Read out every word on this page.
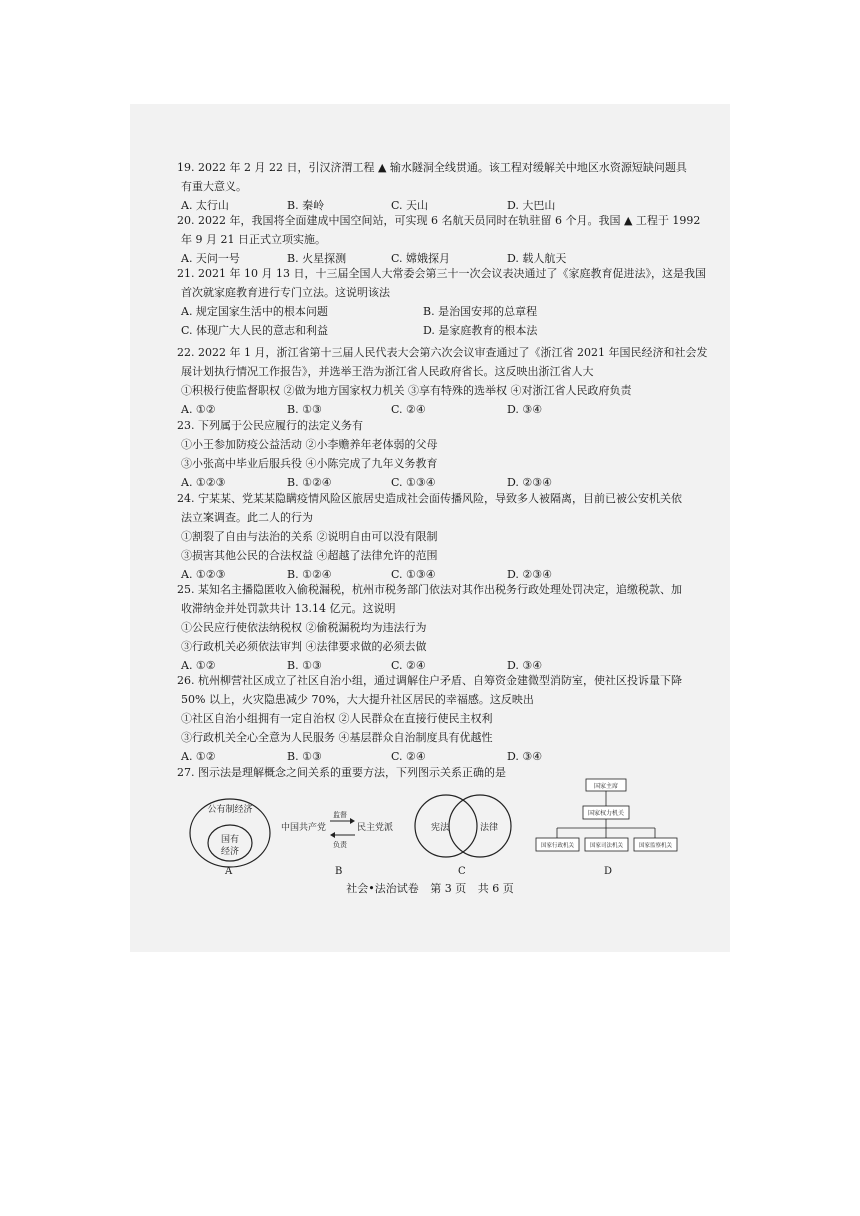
19. 2022 年 2 月 22 日，引汉济渭工程 ▲ 输水隧洞全线贯通。该工程对缓解关中地区水资源短缺问题具
有重大意义。
A. 太行山	B. 秦岭	C. 天山	D. 大巴山
20. 2022 年，我国将全面建成中国空间站，可实现 6 名航天员同时在轨驻留 6 个月。我国 ▲ 工程于 1992
年 9 月 21 日正式立项实施。
A. 天问一号	B. 火星探测	C. 嫦娥探月	D. 载人航天
21. 2021 年 10 月 13 日，十三届全国人大常委会第三十一次会议表决通过了《家庭教育促进法》，这是我国
首次就家庭教育进行专门立法。这说明该法
A. 规定国家生活中的根本问题	B. 是治国安邦的总章程
C. 体现广大人民的意志和利益	D. 是家庭教育的根本法
22. 2022 年 1 月，浙江省第十三届人民代表大会第六次会议审查通过了《浙江省 2021 年国民经济和社会发
展计划执行情况工作报告》，并选举王浩为浙江省人民政府省长。这反映出浙江省人大
①积极行使监督职权 ②做为地方国家权力机关 ③享有特殊的选举权 ④对浙江省人民政府负责
A. ①②	B. ①③	C. ②④	D. ③④
23. 下列属于公民应履行的法定义务有
①小王参加防疫公益活动 ②小李赡养年老体弱的父母
③小张高中毕业后服兵役 ④小陈完成了九年义务教育
A. ①②③	B. ①②④	C. ①③④	D. ②③④
24. 宁某某、党某某隐瞒疫情风险区旅居史造成社会面传播风险，导致多人被隔离，目前已被公安机关依
法立案调查。此二人的行为
①割裂了自由与法治的关系 ②说明自由可以没有限制
③损害其他公民的合法权益 ④超越了法律允许的范围
A. ①②③	B. ①②④	C. ①③④	D. ②③④
25. 某知名主播隐匿收入偷税漏税，杭州市税务部门依法对其作出税务行政处理处罚决定，追缴税款、加
收滞纳金并处罚款共计 13.14 亿元。这说明
①公民应行使依法纳税权 ②偷税漏税均为违法行为
③行政机关必须依法审判 ④法律要求做的必须去做
A. ①②	B. ①③	C. ②④	D. ③④
26. 杭州柳营社区成立了社区自治小组，通过调解住户矛盾、自筹资金建微型消防室，使社区投诉量下降
50% 以上，火灾隐患减少 70%，大大提升社区居民的幸福感。这反映出
①社区自治小组拥有一定自治权 ②人民群众在直接行使民主权利
③行政机关全心全意为人民服务 ④基层群众自治制度具有优越性
A. ①②	B. ①③	C. ②④	D. ③④
27. 图示法是理解概念之间关系的重要方法，下列图示关系正确的是
公有制经济
国有
经济
A
中国共产党
监督
负责
民主党派
B
宪法	法律
C
国家主席
国家权力机关
国家行政机关	国家司法机关	国家监察机关
D
社会•法治试卷 第 3 页 共 6 页
